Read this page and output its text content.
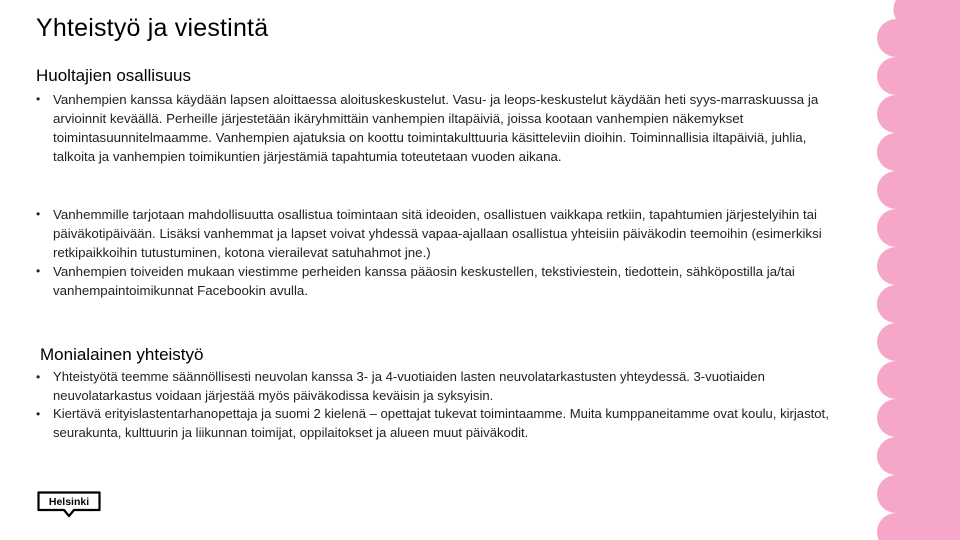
Yhteistyö ja viestintä
Huoltajien osallisuus
• Vanhempien kanssa käydään lapsen aloittaessa aloituskeskustelut. Vasu- ja leops-keskustelut käydään heti syys-marraskuussa ja arvioinnit keväällä. Perheille järjestetään ikäryhmittäin vanhempien iltapäiviä, joissa kootaan vanhempien näkemykset toimintasuunnitelmaamme. Vanhempien ajatuksia on koottu toimintakulttuuria käsitteleviin dioihin. Toiminnallisia iltapäiviä, juhlia, talkoita ja vanhempien toimikuntien järjestämiä tapahtumia toteutetaan vuoden aikana.
• Vanhemmille tarjotaan mahdollisuutta osallistua toimintaan sitä ideoiden, osallistuen vaikkapa retkiin, tapahtumien järjestelyihin tai päiväkotipäivään. Lisäksi vanhemmat ja lapset voivat yhdessä vapaa-ajallaan osallistua yhteisiin päiväkodin teemoihin (esimerkiksi retkipaikkoihin tutustuminen, kotona vierailevat satuhahmot jne.)
• Vanhempien toiveiden mukaan viestimme perheiden kanssa pääosin keskustellen, tekstiviestein, tiedottein, sähköpostilla ja/tai vanhempaintoimikunnat Facebookin avulla.
Monialainen yhteistyö
• Yhteistyötä teemme säännöllisesti neuvolan kanssa 3- ja 4-vuotiaiden lasten neuvolatarkastusten yhteydessä. 3-vuotiaiden neuvolatarkastus voidaan järjestää myös päiväkodissa keväisin ja syksyisin.
• Kiertävä erityislastentarhanopettaja ja suomi 2 kielenä – opettajat tukevat toimintaamme. Muita kumppaneitamme ovat koulu, kirjastot, seurakunta, kulttuurin ja liikunnan toimijat, oppilaitokset ja alueen muut päiväkodit.
Helsinki
